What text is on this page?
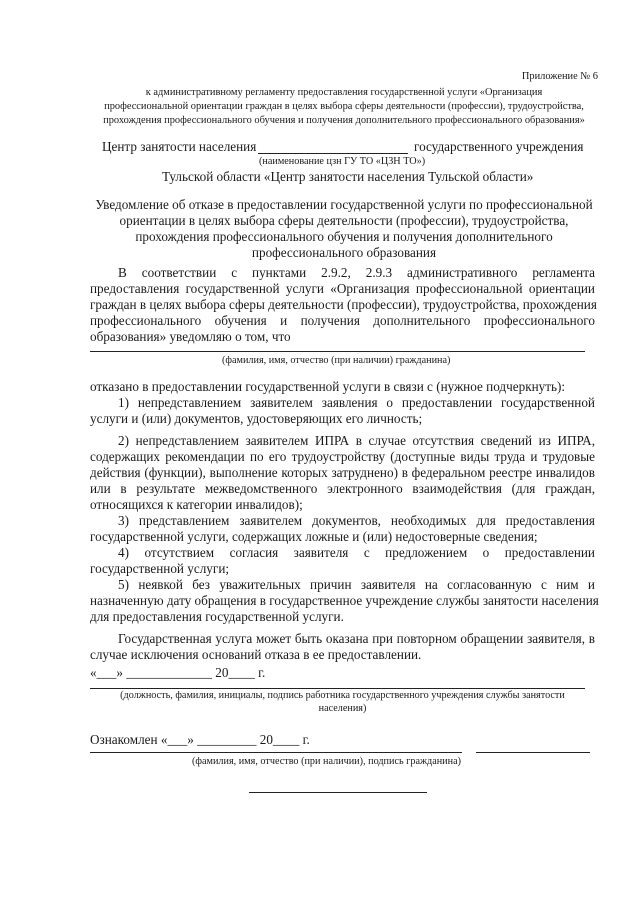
Приложение № 6
к административному регламенту предоставления государственной услуги «Организация
профессиональной ориентации граждан в целях выбора сферы деятельности (профессии), трудоустройства,
прохождения профессионального обучения и получения дополнительного профессионального образования»
Центр занятости населения	государственного учреждения
(наименование цзн ГУ ТО «ЦЗН ТО»)
Тульской области «Центр занятости населения Тульской области»
Уведомление об отказе в предоставлении государственной услуги по профессиональной
ориентации в целях выбора сферы деятельности (профессии), трудоустройства,
прохождения профессионального обучения и получения дополнительного
профессионального образования
В соответствии с пунктами 2.9.2, 2.9.3 административного регламента
предоставления государственной услуги «Организация профессиональной ориентации
граждан в целях выбора сферы деятельности (профессии), трудоустройства, прохождения
профессионального обучения и получения дополнительного профессионального
образования» уведомляю о том, что
(фамилия, имя, отчество (при наличии) гражданина)
отказано в предоставлении государственной услуги в связи с (нужное подчеркнуть):
1) непредставлением заявителем заявления о предоставлении государственной
услуги и (или) документов, удостоверяющих его личность;
2) непредставлением заявителем ИПРА в случае отсутствия сведений из ИПРА,
содержащих рекомендации по его трудоустройству (доступные виды труда и трудовые
действия (функции), выполнение которых затруднено) в федеральном реестре инвалидов
или в результате межведомственного электронного взаимодействия (для граждан,
относящихся к категории инвалидов);
3) представлением заявителем документов, необходимых для предоставления
государственной услуги, содержащих ложные и (или) недостоверные сведения;
4) отсутствием согласия заявителя с предложением о предоставлении
государственной услуги;
5) неявкой без уважительных причин заявителя на согласованную с ним и
назначенную дату обращения в государственное учреждение службы занятости населения
для предоставления государственной услуги.
Государственная услуга может быть оказана при повторном обращении заявителя, в
случае исключения оснований отказа в ее предоставлении.
«___» _____________ 20____ г.
(должность, фамилия, инициалы, подпись работника государственного учреждения службы занятости
населения)
Ознакомлен «___» _________ 20____ г.
(фамилия, имя, отчество (при наличии), подпись гражданина)
